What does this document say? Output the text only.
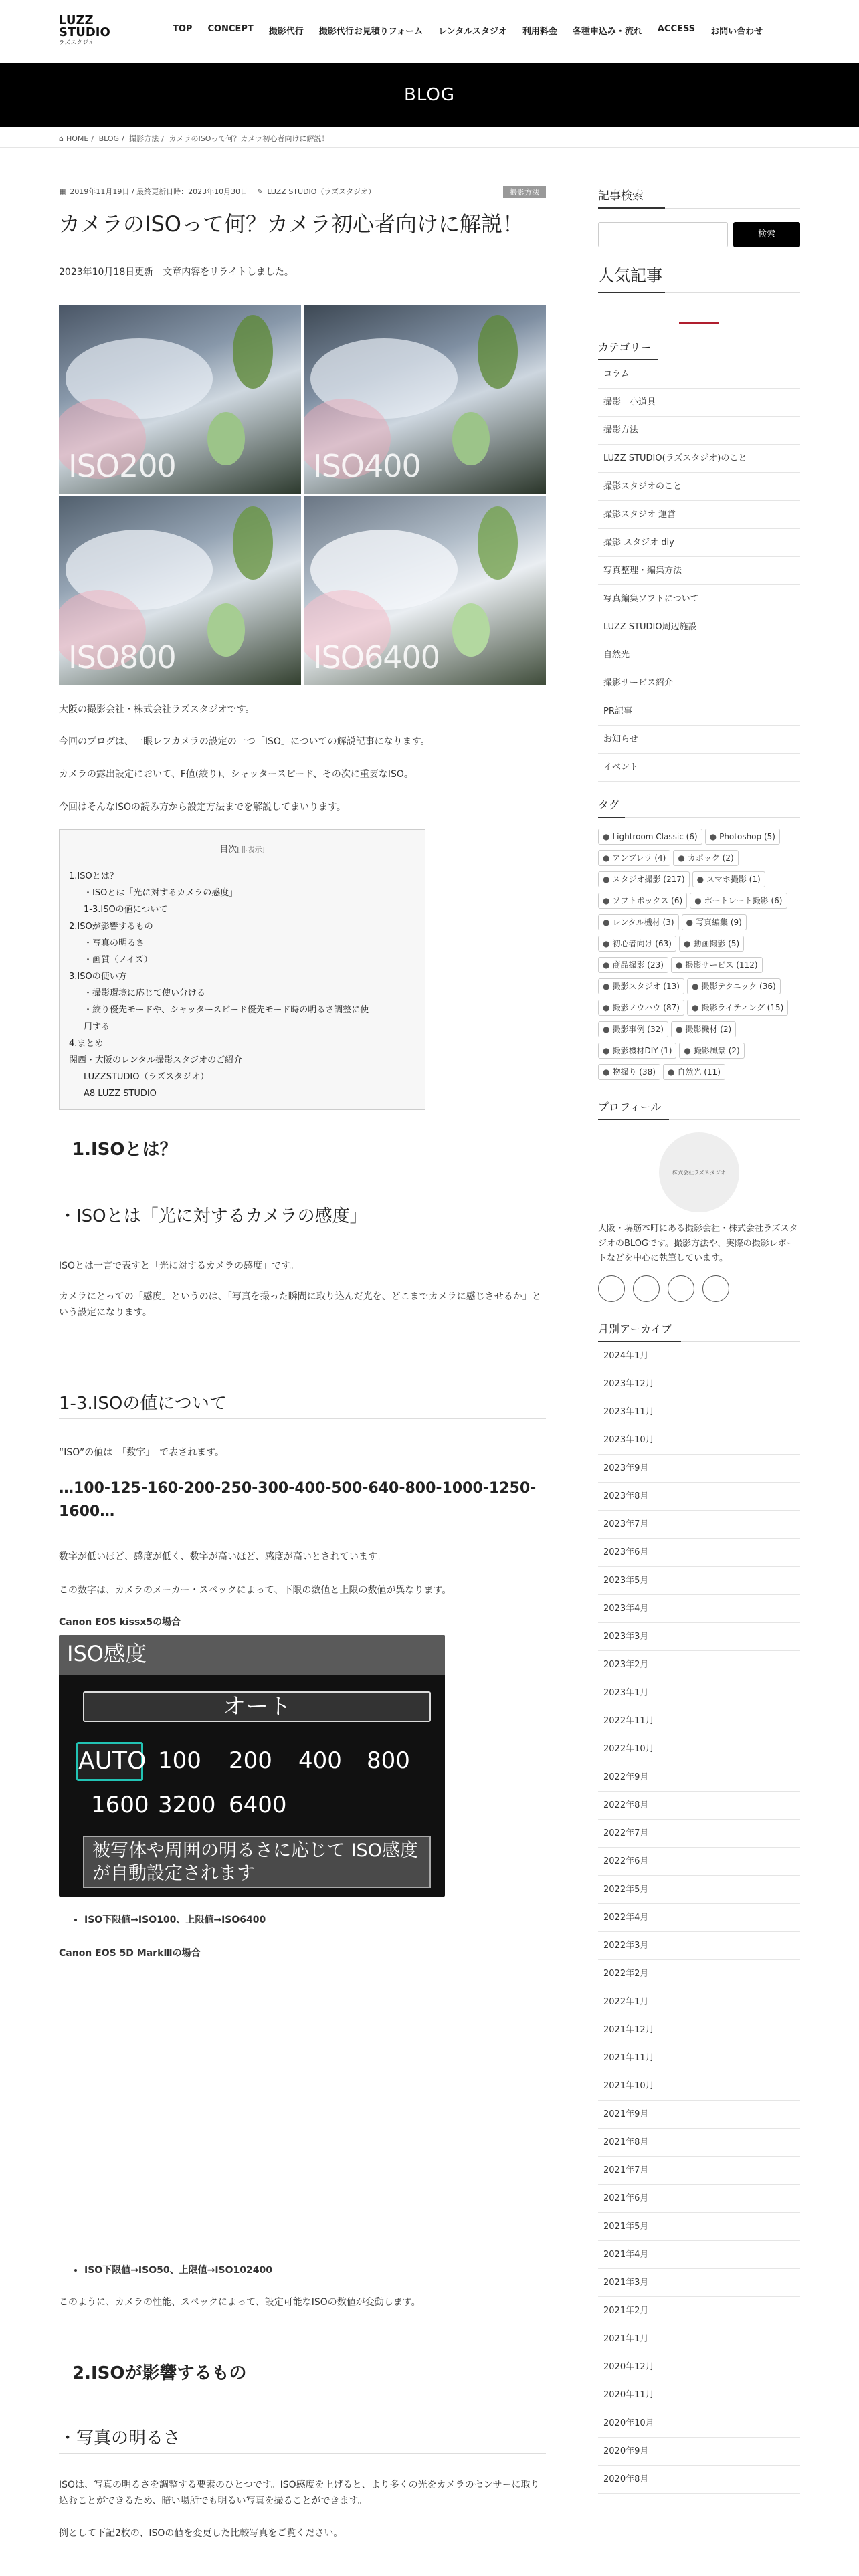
LUZZ
STUDIO
ラズスタジオ
TOP CONCEPT 撮影代行 撮影代行お見積りフォーム レンタルスタジオ 利用料金 各種申込み・流れ ACCESS お問い合わせ
BLOG
⌂ HOME / BLOG / 撮影方法 / カメラのISOって何？カメラ初心者向けに解説！
▦ 2019年11月19日 / 最終更新日時：2023年10月30日 ✎ LUZZ STUDIO（ラズスタジオ）	撮影方法
カメラのISOって何？カメラ初心者向けに解説！

2023年10月18日更新　文章内容をリライトしました。

ISO200	ISO400
ISO800	ISO6400

大阪の撮影会社・株式会社ラズスタジオです。

今回のブログは、一眼レフカメラの設定の一つ「ISO」についての解説記事になります。

カメラの露出設定において、F値(絞り)、シャッタースピード、その次に重要なISO。

今回はそんなISOの読み方から設定方法までを解説してまいります。

目次[非表示]
1.ISOとは？
・ISOとは「光に対するカメラの感度」
1-3.ISOの値について
2.ISOが影響するもの
・写真の明るさ
・画質（ノイズ）
3.ISOの使い方
・撮影環境に応じて使い分ける
・絞り優先モードや、シャッタースピード優先モード時の明るさ調整に使
用する
4.まとめ
関西・大阪のレンタル撮影スタジオのご紹介
LUZZSTUDIO（ラズスタジオ）
A8 LUZZ STUDIO
1.ISOとは？
・ISOとは「光に対するカメラの感度」

ISOとは一言で表すと「光に対するカメラの感度」です。

カメラにとっての「感度」というのは、「写真を撮った瞬間に取り込んだ光を、どこまでカメラに感じさせるか」という設定になります。

1-3.ISOの値について

“ISO”の値は　「数字」　で表されます。

…100-125-160-200-250-300-400-500-640-800-1000-1250-1600…

数字が低いほど、感度が低く、数字が高いほど、感度が高いとされています。

この数字は、カメラのメーカー・スペックによって、下限の数値と上限の数値が異なります。

Canon EOS kissx5の場合

ISO感度
オート
AUTO 100 200 400 800
1600 3200 6400
被写体や周囲の明るさに応じて ISO感度が自動設定されます
• ISO下限値→ISO100、上限値→ISO6400

Canon EOS 5D MarkⅢの場合

• ISO下限値→ISO50、上限値→ISO102400

このように、カメラの性能、スペックによって、設定可能なISOの数値が変動します。

2.ISOが影響するもの
・写真の明るさ

ISOは、写真の明るさを調整する要素のひとつです。ISO感度を上げると、より多くの光をカメラのセンサーに取り込むことができるため、暗い場所でも明るい写真を撮ることができます。

例として下記2枚の、ISOの値を変更した比較写真をご覧ください。

記事検索
検索
人気記事
カテゴリー
コラム
撮影　小道具
撮影方法
LUZZ STUDIO(ラズスタジオ)のこと
撮影スタジオのこと
撮影スタジオ 運営
撮影 スタジオ diy
写真整理・編集方法
写真編集ソフトについて
LUZZ STUDIO周辺施設
自然光
撮影サービス紹介
PR記事
お知らせ
イベント
タグ
● Lightroom Classic (6) ● Photoshop (5)● アンブレラ (4) ● カポック (2)● スタジオ撮影 (217) ● スマホ撮影 (1)● ソフトボックス (6) ● ポートレート撮影 (6)● レンタル機材 (3) ● 写真編集 (9)● 初心者向け (63) ● 動画撮影 (5)● 商品撮影 (23) ● 撮影サービス (112)● 撮影スタジオ (13) ● 撮影テクニック (36)● 撮影ノウハウ (87) ● 撮影ライティング (15)● 撮影事例 (32) ● 撮影機材 (2)● 撮影機材DIY (1) ● 撮影風景 (2)● 物撮り (38) ● 自然光 (11)
プロフィール
株式会社ラズスタジオ

大阪・堺筋本町にある撮影会社・株式会社ラズスタジオのBLOGです。撮影方法や、実際の撮影レポートなどを中心に執筆しています。

月別アーカイブ
2024年1月
2023年12月
2023年11月
2023年10月
2023年9月
2023年8月
2023年7月
2023年6月
2023年5月
2023年4月
2023年3月
2023年2月
2023年1月
2022年11月
2022年10月
2022年9月
2022年8月
2022年7月
2022年6月
2022年5月
2022年4月
2022年3月
2022年2月
2022年1月
2021年12月
2021年11月
2021年10月
2021年9月
2021年8月
2021年7月
2021年6月
2021年5月
2021年4月
2021年3月
2021年2月
2021年1月
2020年12月
2020年11月
2020年10月
2020年9月
2020年8月
